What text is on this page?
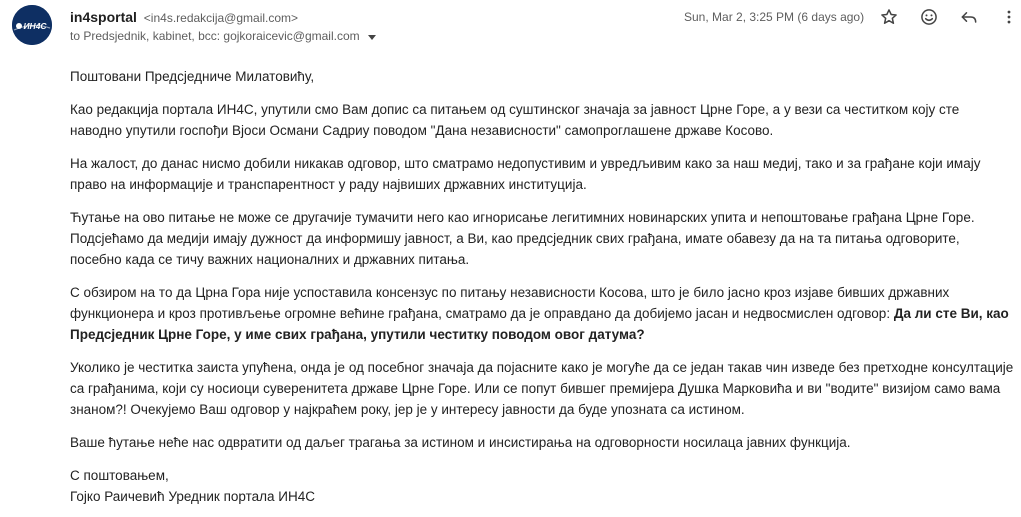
ИН4С
in4sportal <in4s.redakcija@gmail.com>
to Predsjednik, kabinet, bcc: gojkoraicevic@gmail.com
Sun, Mar 2, 3:25 PM (6 days ago)

Поштовани Предсједниче Милатовићу,

Као редакција портала ИН4С, упутили смо Вам допис са питањем од суштинског значаја за јавност Црне Горе, а у вези са честитком коју сте наводно упутили госпођи Вјоси Османи Садриу поводом "Дана независности" самопроглашене државе Косово.

На жалост, до данас нисмо добили никакав одговор, што сматрамо недопустивим и увредљивим како за наш медиј, тако и за грађане који имају право на информације и транспарентност у раду највиших државних институција.

Ћутање на ово питање не може се другачије тумачити него као игнорисање легитимних новинарских упита и непоштовање грађана Црне Горе. Подсјећамо да медији имају дужност да информишу јавност, а Ви, као предсједник свих грађана, имате обавезу да на та питања одговорите, посебно када се тичу важних националних и државних питања.

С обзиром на то да Црна Гора није успоставила консензус по питању независности Косова, што је било јасно кроз изјаве бивших државних функционера и кроз противљење огромне већине грађана, сматрамо да је оправдано да добијемо јасан и недвосмислен одговор: Да ли сте Ви, као Предсједник Црне Горе, у име свих грађана, упутили честитку поводом овог датума?

Уколико је честитка заиста упућена, онда је од посебног значаја да појасните како је могуће да се један такав чин изведе без претходне консултације са грађанима, који су носиоци суверенитета државе Црне Горе. Или се попут бившег премијера Душка Марковића и ви "водите" визијом само вама знаном?! Очекујемо Ваш одговор у најкраћем року, јер је у интересу јавности да буде упозната са истином.

Ваше ћутање неће нас одвратити од даљег трагања за истином и инсистирања на одговорности носилаца јавних функција.

С поштовањем,
Гојко Раичевић Уредник портала ИН4С
